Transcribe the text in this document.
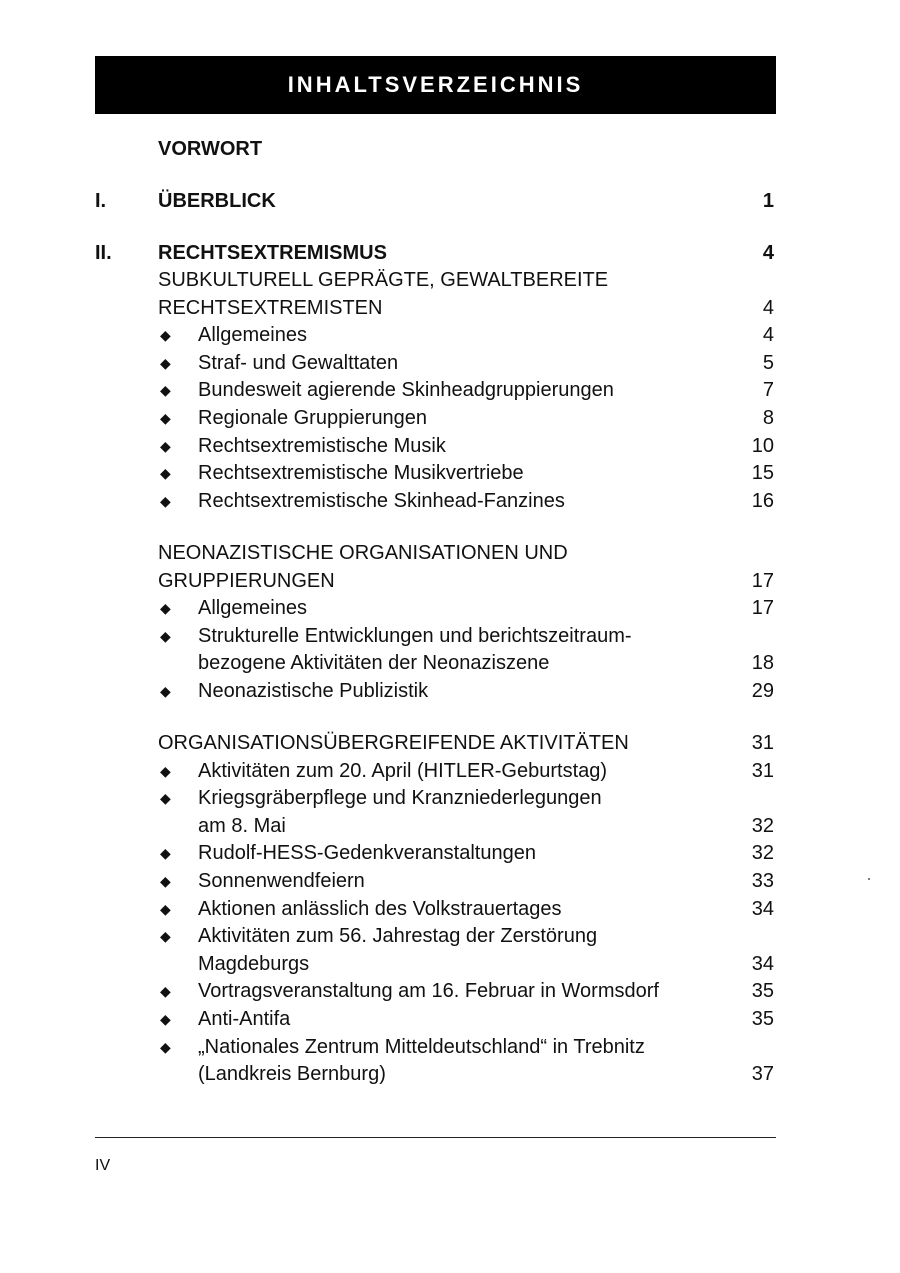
INHALTSVERZEICHNIS
VORWORT
I.	ÜBERBLICK	1
II. RECHTSEXTREMISMUS	4
SUBKULTURELL GEPRÄGTE, GEWALTBEREITE
RECHTSEXTREMISTEN	4
◆ Allgemeines	4
◆ Straf- und Gewalttaten	5
◆ Bundesweit agierende Skinheadgruppierungen	7
◆ Regionale Gruppierungen	8
◆ Rechtsextremistische Musik	10
◆ Rechtsextremistische Musikvertriebe	15
◆ Rechtsextremistische Skinhead-Fanzines	16
NEONAZISTISCHE ORGANISATIONEN UND
GRUPPIERUNGEN	17
◆ Allgemeines	17
◆ Strukturelle Entwicklungen und berichtszeitraum-
bezogene Aktivitäten der Neonaziszene	18
◆ Neonazistische Publizistik	29
ORGANISATIONSÜBERGREIFENDE AKTIVITÄTEN	31
◆ Aktivitäten zum 20. April (HITLER-Geburtstag)	31
◆ Kriegsgräberpflege und Kranzniederlegungen
am 8. Mai	32
◆ Rudolf-HESS-Gedenkveranstaltungen	32
◆ Sonnenwendfeiern	33
◆ Aktionen anlässlich des Volkstrauertages	34
◆ Aktivitäten zum 56. Jahrestag der Zerstörung
Magdeburgs	34
◆ Vortragsveranstaltung am 16. Februar in Wormsdorf	35
◆ Anti-Antifa	35
◆ „Nationales Zentrum Mitteldeutschland“ in Trebnitz
(Landkreis Bernburg)	37
IV
